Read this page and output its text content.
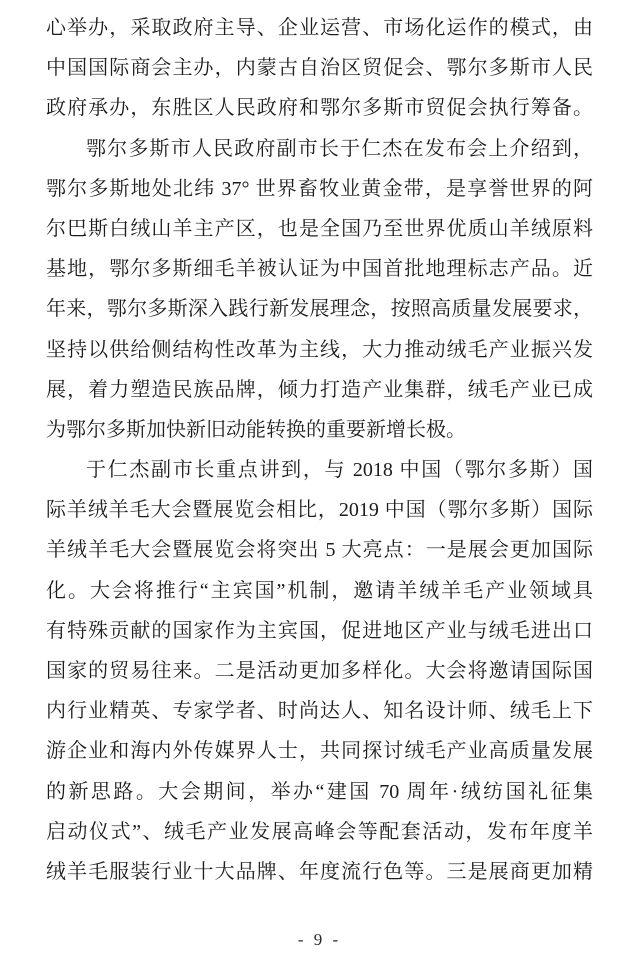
心举办，采取政府主导、企业运营、市场化运作的模式，由
中国国际商会主办，内蒙古自治区贸促会、鄂尔多斯市人民
政府承办，东胜区人民政府和鄂尔多斯市贸促会执行筹备。
鄂尔多斯市人民政府副市长于仁杰在发布会上介绍到，
鄂尔多斯地处北纬 37° 世界畜牧业黄金带，是享誉世界的阿
尔巴斯白绒山羊主产区，也是全国乃至世界优质山羊绒原料
基地，鄂尔多斯细毛羊被认证为中国首批地理标志产品。近
年来，鄂尔多斯深入践行新发展理念，按照高质量发展要求，
坚持以供给侧结构性改革为主线，大力推动绒毛产业振兴发
展，着力塑造民族品牌，倾力打造产业集群，绒毛产业已成
为鄂尔多斯加快新旧动能转换的重要新增长极。
于仁杰副市长重点讲到，与 2018 中国（鄂尔多斯）国
际羊绒羊毛大会暨展览会相比，2019 中国（鄂尔多斯）国际
羊绒羊毛大会暨展览会将突出 5 大亮点：一是展会更加国际
化。大会将推行“主宾国”机制，邀请羊绒羊毛产业领域具
有特殊贡献的国家作为主宾国，促进地区产业与绒毛进出口
国家的贸易往来。二是活动更加多样化。大会将邀请国际国
内行业精英、专家学者、时尚达人、知名设计师、绒毛上下
游企业和海内外传媒界人士，共同探讨绒毛产业高质量发展
的新思路。大会期间，举办“建国 70 周年·绒纺国礼征集
启动仪式”、绒毛产业发展高峰会等配套活动，发布年度羊
绒羊毛服装行业十大品牌、年度流行色等。三是展商更加精
- 9 -
